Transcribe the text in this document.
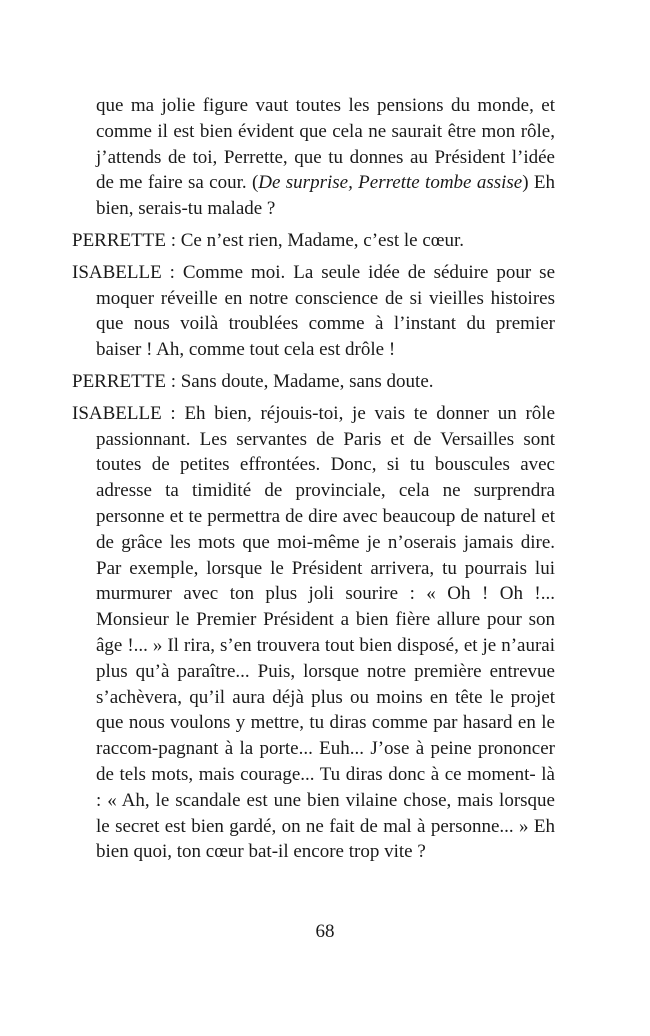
que ma jolie figure vaut toutes les pensions du monde, et comme il est bien évident que cela ne saurait être mon rôle, j’attends de toi, Perrette, que tu donnes au Président l’idée de me faire sa cour. (De surprise, Perrette tombe assise) Eh bien, serais-tu malade ?

PERRETTE : Ce n’est rien, Madame, c’est le cœur.

ISABELLE : Comme moi. La seule idée de séduire pour se moquer réveille en notre conscience de si vieilles histoires que nous voilà troublées comme à l’instant du premier baiser ! Ah, comme tout cela est drôle !

PERRETTE : Sans doute, Madame, sans doute.

ISABELLE : Eh bien, réjouis-toi, je vais te donner un rôle passionnant. Les servantes de Paris et de Versailles sont toutes de petites effrontées. Donc, si tu bouscules avec adresse ta timidité de provinciale, cela ne surprendra personne et te permettra de dire avec beaucoup de naturel et de grâce les mots que moi-même je n’oserais jamais dire. Par exemple, lorsque le Président arrivera, tu pourrais lui murmurer avec ton plus joli sourire : « Oh ! Oh !... Monsieur le Premier Président a bien fière allure pour son âge !... » Il rira, s’en trouvera tout bien disposé, et je n’aurai plus qu’à paraître... Puis, lorsque notre première entrevue s’achèvera, qu’il aura déjà plus ou moins en tête le projet que nous voulons y mettre, tu diras comme par hasard en le raccom-pagnant à la porte... Euh... J’ose à peine prononcer de tels mots, mais courage... Tu diras donc à ce moment- là : « Ah, le scandale est une bien vilaine chose, mais lorsque le secret est bien gardé, on ne fait de mal à personne... » Eh bien quoi, ton cœur bat-il encore trop vite ?

68
